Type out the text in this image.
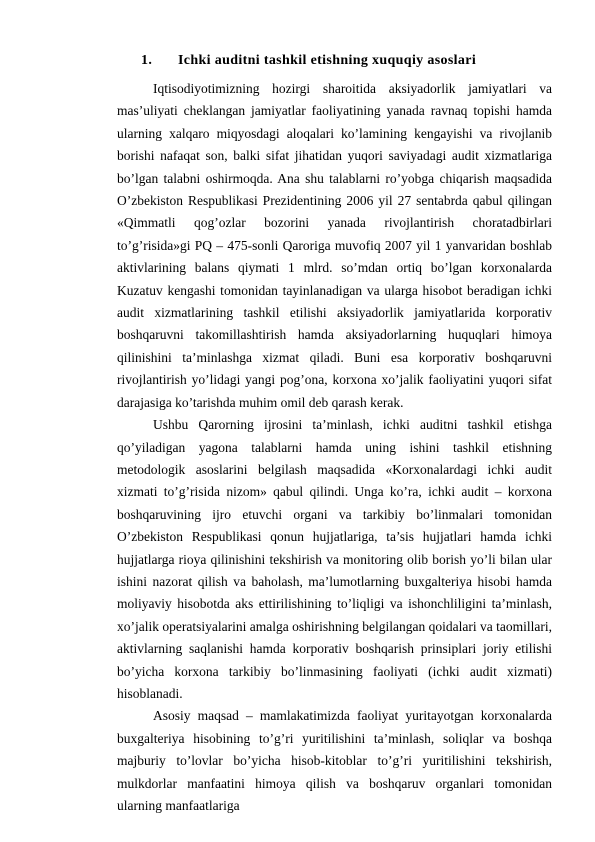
1. Ichki auditni tashkil etishning xuquqiy asoslari

Iqtisodiyotimizning hozirgi sharoitida aksiyadorlik jamiyatlari va mas’uliyati cheklangan jamiyatlar faoliyatining yanada ravnaq topishi hamda ularning xalqaro miqyosdagi aloqalari ko’lamining kengayishi va rivojlanib borishi nafaqat son, balki sifat jihatidan yuqori saviyadagi audit xizmatlariga bo’lgan talabni oshirmoqda. Ana shu talablarni ro’yobga chiqarish maqsadida O’zbekiston Respublikasi Prezidentining 2006 yil 27 sentabrda qabul qilingan «Qimmatli qog’ozlar bozorini yanada rivojlantirish choratadbirlari to’g’risida»gi PQ – 475-sonli Qaroriga muvofiq 2007 yil 1 yanvaridan boshlab aktivlarining balans qiymati 1 mlrd. so’mdan ortiq bo’lgan korxonalarda Kuzatuv kengashi tomonidan tayinlanadigan va ularga hisobot beradigan ichki audit xizmatlarining tashkil etilishi aksiyadorlik jamiyatlarida korporativ boshqaruvni takomillashtirish hamda aksiyadorlarning huquqlari himoya qilinishini ta’minlashga xizmat qiladi. Buni esa korporativ boshqaruvni rivojlantirish yo’lidagi yangi pog’ona, korxona xo’jalik faoliyatini yuqori sifat darajasiga ko’tarishda muhim omil deb qarash kerak.

Ushbu Qarorning ijrosini ta’minlash, ichki auditni tashkil etishga qo’yiladigan yagona talablarni hamda uning ishini tashkil etishning metodologik asoslarini belgilash maqsadida «Korxonalardagi ichki audit xizmati to’g’risida nizom» qabul qilindi. Unga ko’ra, ichki audit – korxona boshqaruvining ijro etuvchi organi va tarkibiy bo’linmalari tomonidan O’zbekiston Respublikasi qonun hujjatlariga, ta’sis hujjatlari hamda ichki hujjatlarga rioya qilinishini tekshirish va monitoring olib borish yo’li bilan ular ishini nazorat qilish va baholash, ma’lumotlarning buxgalteriya hisobi hamda moliyaviy hisobotda aks ettirilishining to’liqligi va ishonchliligini ta’minlash, xo’jalik operatsiyalarini amalga oshirishning belgilangan qoidalari va taomillari, aktivlarning saqlanishi hamda korporativ boshqarish prinsiplari joriy etilishi bo’yicha korxona tarkibiy bo’linmasining faoliyati (ichki audit xizmati) hisoblanadi.

Asosiy maqsad – mamlakatimizda faoliyat yuritayotgan korxonalarda buxgalteriya hisobining to’g’ri yuritilishini ta’minlash, soliqlar va boshqa majburiy to’lovlar bo’yicha hisob-kitoblar to’g’ri yuritilishini tekshirish, mulkdorlar manfaatini himoya qilish va boshqaruv organlari tomonidan ularning manfaatlariga
